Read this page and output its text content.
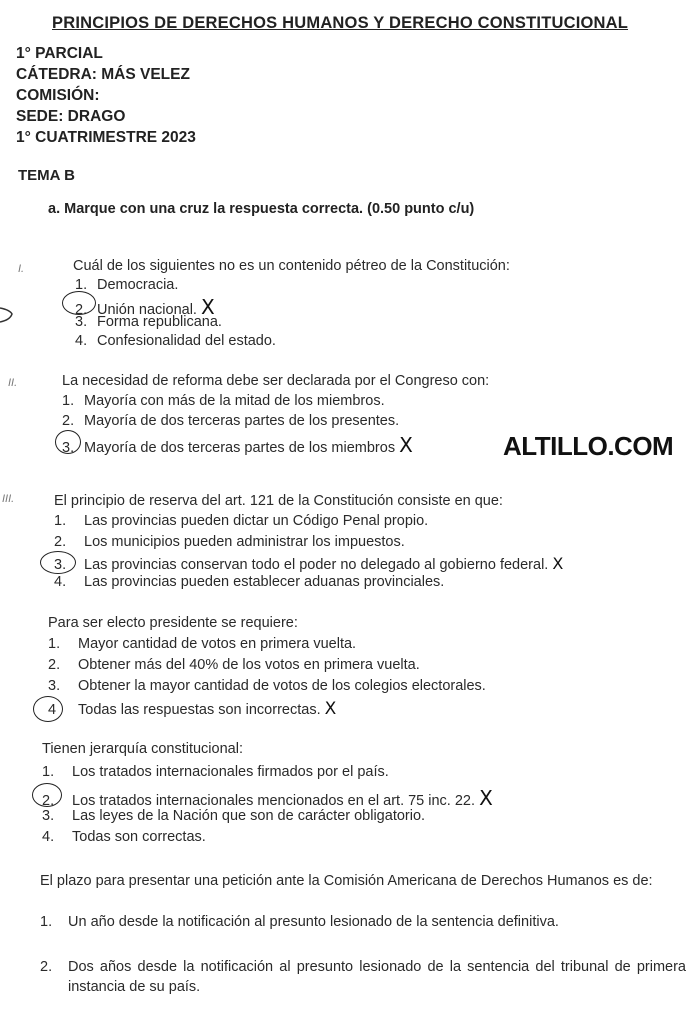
PRINCIPIOS DE DERECHOS HUMANOS Y DERECHO CONSTITUCIONAL
1° PARCIAL
CÁTEDRA: MÁS VELEZ
COMISIÓN:
SEDE: DRAGO
1° CUATRIMESTRE 2023
TEMA B
a. Marque con una cruz la respuesta correcta. (0.50 punto c/u)
I.	Cuál de los siguientes no es un contenido pétreo de la Constitución:
1. Democracia.
2. Unión nacional. X
3. Forma republicana.
4. Confesionalidad del estado.
II.	La necesidad de reforma debe ser declarada por el Congreso con:
1. Mayoría con más de la mitad de los miembros.
2. Mayoría de dos terceras partes de los presentes.
3. Mayoría de dos terceras partes de los miembros X	ALTILLO.COM
III.	El principio de reserva del art. 121 de la Constitución consiste en que:
1. Las provincias pueden dictar un Código Penal propio.
2. Los municipios pueden administrar los impuestos.
3. Las provincias conservan todo el poder no delegado al gobierno federal. X
4. Las provincias pueden establecer aduanas provinciales.
Para ser electo presidente se requiere:
1. Mayor cantidad de votos en primera vuelta.
2. Obtener más del 40% de los votos en primera vuelta.
3. Obtener la mayor cantidad de votos de los colegios electorales.
4 Todas las respuestas son incorrectas. X
Tienen jerarquía constitucional:
1. Los tratados internacionales firmados por el país.
2. Los tratados internacionales mencionados en el art. 75 inc. 22. X
3. Las leyes de la Nación que son de carácter obligatorio.
4. Todas son correctas.
El plazo para presentar una petición ante la Comisión Americana de Derechos Humanos es de:
1.	Un año desde la notificación al presunto lesionado de la sentencia definitiva.
2.	Dos años desde la notificación al presunto lesionado de la sentencia del tribunal de primera instancia de su país.
